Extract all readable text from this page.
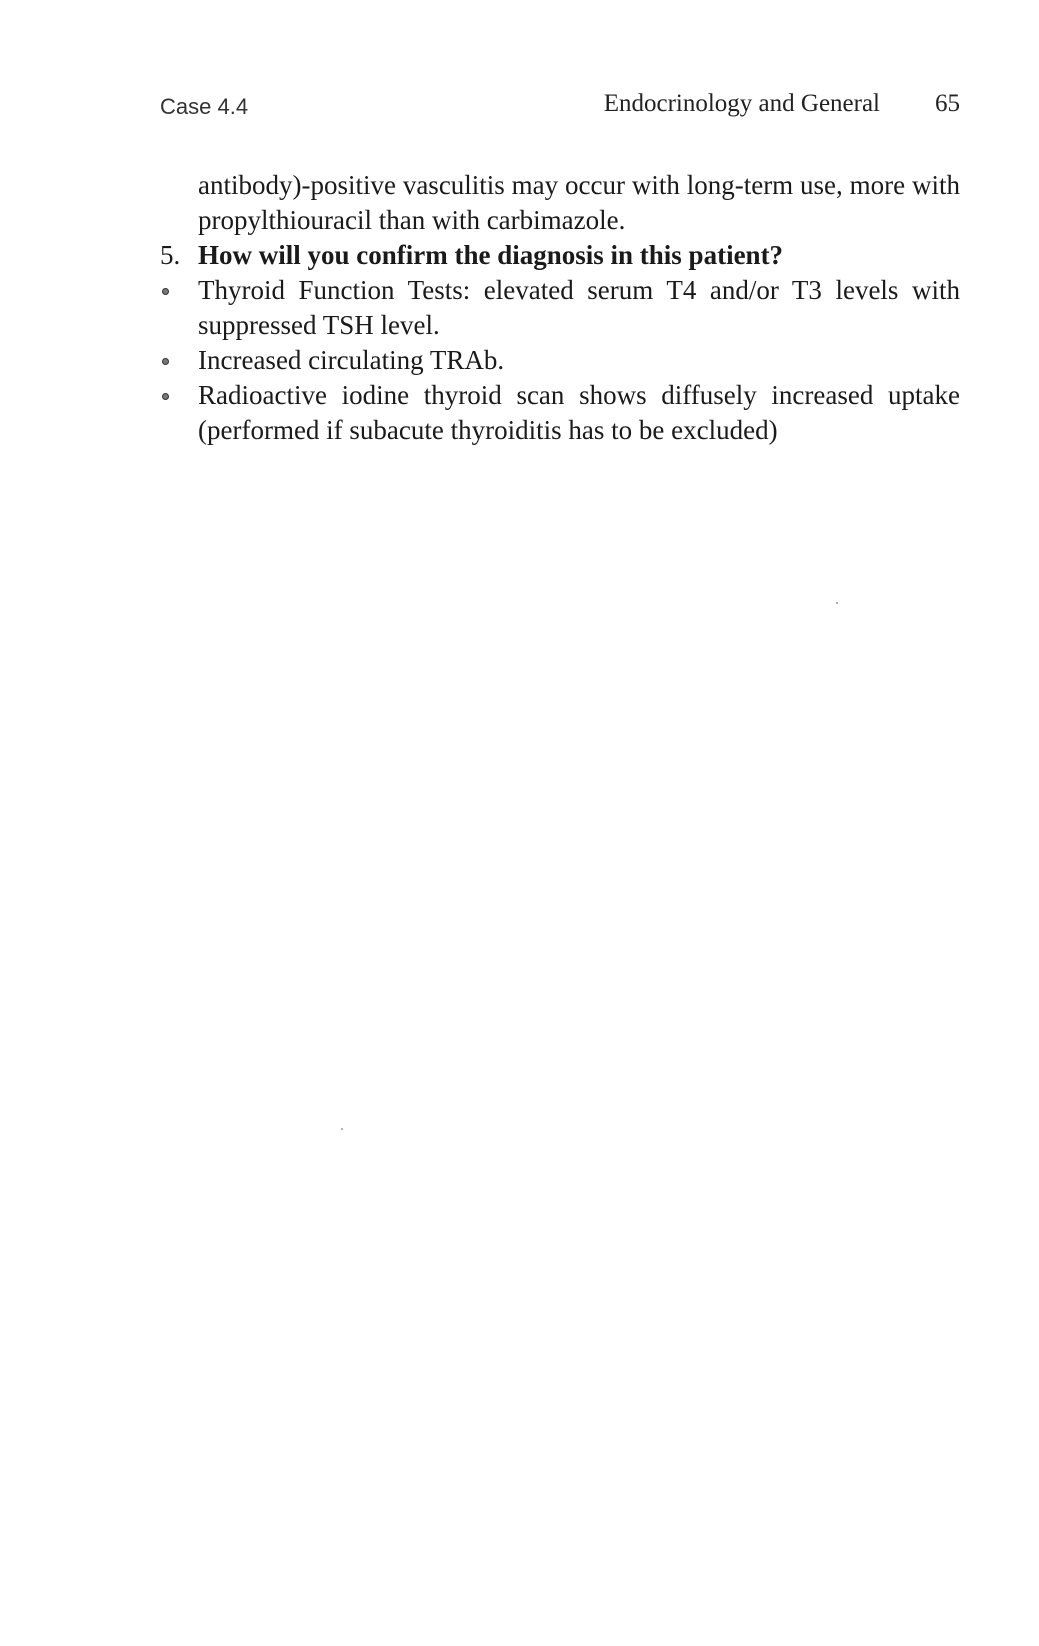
Case 4.4	Endocrinology and General 65

antibody)-positive vasculitis may occur with long-term use, more with propylthiouracil than with carbimazole.

5. How will you confirm the diagnosis in this patient?
Thyroid Function Tests: elevated serum T4 and/or T3 levels with suppressed TSH level.
Increased circulating TRAb.
Radioactive iodine thyroid scan shows diffusely increased uptake (performed if subacute thyroiditis has to be excluded)
